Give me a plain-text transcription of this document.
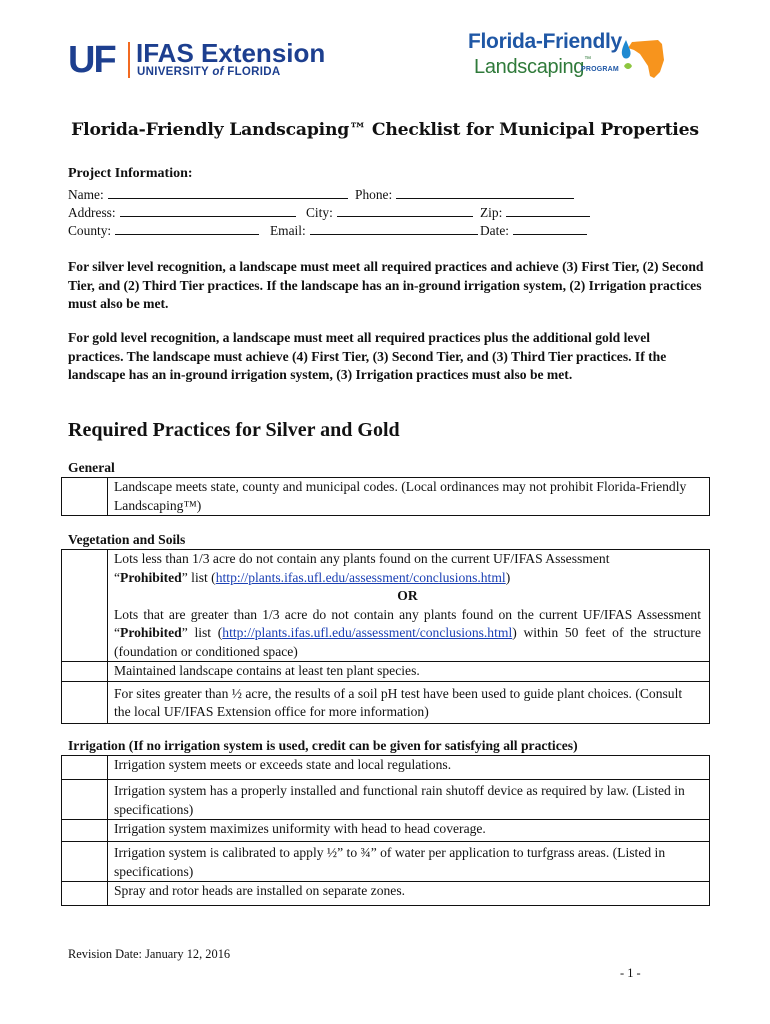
UF IFAS Extension
UNIVERSITY of FLORIDA
Florida-Friendly
Landscaping™
PROGRAM
Florida-Friendly Landscaping™ Checklist for Municipal Properties
Project Information:
Name:	Phone:
Address:	City:	Zip:
County:	Email:	Date:
For silver level recognition, a landscape must meet all required practices and achieve (3) First Tier, (2) Second Tier, and (2) Third Tier practices. If the landscape has an in-ground irrigation system, (2) Irrigation practices must also be met.
For gold level recognition, a landscape must meet all required practices plus the additional gold level practices. The landscape must achieve (4) First Tier, (3) Second Tier, and (3) Third Tier practices. If the landscape has an in-ground irrigation system, (3) Irrigation practices must also be met.
Required Practices for Silver and Gold
General
	Landscape meets state, county and municipal codes. (Local ordinances may not prohibit Florida-Friendly Landscaping™)
Vegetation and Soils

	Lots less than 1/3 acre do not contain any plants found on the current UF/IFAS Assessment
“Prohibited” list (http://plants.ifas.ufl.edu/assessment/conclusions.html)
OR
Lots that are greater than 1/3 acre do not contain any plants found on the current UF/IFAS Assessment “Prohibited” list (http://plants.ifas.ufl.edu/assessment/conclusions.html) within 50 feet of the structure (foundation or conditioned space)

	Maintained landscape contains at least ten plant species.
	For sites greater than ½ acre, the results of a soil pH test have been used to guide plant choices. (Consult the local UF/IFAS Extension office for more information)
Irrigation (If no irrigation system is used, credit can be given for satisfying all practices)
	Irrigation system meets or exceeds state and local regulations.
	Irrigation system has a properly installed and functional rain shutoff device as required by law. (Listed in specifications)
	Irrigation system maximizes uniformity with head to head coverage.
	Irrigation system is calibrated to apply ½” to ¾” of water per application to turfgrass areas. (Listed in specifications)
	Spray and rotor heads are installed on separate zones.
Revision Date: January 12, 2016
- 1 -
